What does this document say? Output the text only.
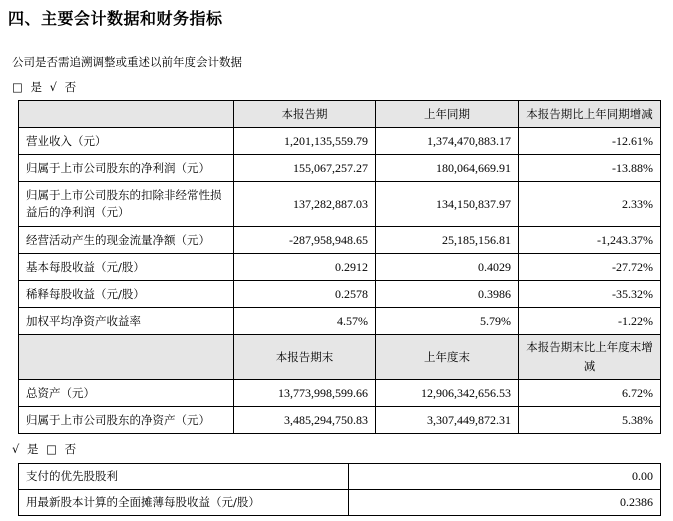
四、主要会计数据和财务指标
公司是否需追溯调整或重述以前年度会计数据
□ 是 √ 否
	本报告期	上年同期	本报告期比上年同期增减
营业收入（元）	1,201,135,559.79	1,374,470,883.17	-12.61%
归属于上市公司股东的净利润（元）	155,067,257.27	180,064,669.91	-13.88%
归属于上市公司股东的扣除非经常性损益后的净利润（元）	137,282,887.03	134,150,837.97	2.33%
经营活动产生的现金流量净额（元）	-287,958,948.65	25,185,156.81	-1,243.37%
基本每股收益（元/股）	0.2912	0.4029	-27.72%
稀释每股收益（元/股）	0.2578	0.3986	-35.32%
加权平均净资产收益率	4.57%	5.79%	-1.22%
	本报告期末	上年度末	本报告期末比上年度末增减
总资产（元）	13,773,998,599.66	12,906,342,656.53	6.72%
归属于上市公司股东的净资产（元）	3,485,294,750.83	3,307,449,872.31	5.38%
√ 是 □ 否
支付的优先股股利	0.00
用最新股本计算的全面摊薄每股收益（元/股）	0.2386
